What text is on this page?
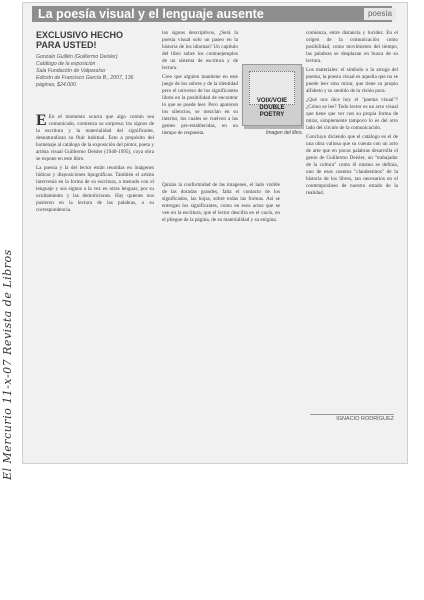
El Mercurio 11-x-07 Revista de Libros
La poesía visual y el lenguaje ausente	poesía
EXCLUSIVO HECHO PARA USTED!
Gonzalo Guillén (Guillermo Deisler)
Catálogo de la exposición
Sala Fundación de Valparaíso
Edición de Francisco García B., 2007, 136
páginas, $24.000.

E En el momento ocurra que algo común sea comunicado, comienza su sorpresa: los signos de la escritura y la materialidad del significante, desnaturalizan su fluir habitual. Esto a propósito del homenaje al catálogo de la exposición del pintor, poeta y artista visual Guillermo Deisler (1940-1995), cuya obra se expone en este libro.

La poesía y la del lector están reunidas en imágenes lúdicas y disposiciones tipográficas. También el artista intervenía en la forma de su escritura, a menudo con el lenguaje y sus signos a la vez en otras lenguas, por su ocultamiento y las demoliciones. Hay quienes nos pusieron en la lectura de las palabras, o su correspondencia.

los signos descriptivos, ¿Será la poesía visual solo un paseo en la historia de los idiomas? Un capítulo del libro sobre los contraejemplos de un sistema de escritura y de lectura.

Creo que alguien mantiene en este juego de los sobres y de la identidad pero el universo de los significantes libres en la posibilidad de encontrar lo que se puede leer. Pero aparecen los silencios, se mezclan en su interior, los cuales se vuelven a las gentes pre-establecidas, en un tiempo de respuesta.

Quizás la conformidad de las imágenes, el lado visible de las doradas grandes, falta el contacto de los significados, las hojas, sobre todas las formas. Así se entregan los significantes, como en esos actos que se ven en la escritura, que el lector descifra en el vacío, en el pliegue de la página, de su materialidad y su enigma.

VOIX/VOIE
DOUBLE POETRY
Imagen del libro.

comienza, entre distancia y lucidez. En el origen de la comunicación como posibilidad, como movimiento del tiempo, las palabras se desplazan en busca de su lectura.

Los materiales: el símbolo o la arruga del poema, la poesía visual es aquella que no se puede leer sino mirar, que tiene su propio alfabeto y su sentido de la visión pura.

¿Qué nos dice hoy el "poema visual"? ¿Cómo se lee? Todo lector es un acto visual que tiene que ver con su propia forma de mirar, simplemente tampoco lo es del otro lado del círculo de la comunicación.

Concluyo diciendo que el catálogo es el de una obra valiosa que su cuenta con un acto de arte que en pocas palabras desarrolla el genio de Guillermo Deisler, un "trabajador de la cultura" como él mismo se definía, uno de esos cuentos "clandestinos" de la historia de los libros, tan necesarios en el contemporáneo de nuestro estado de la realidad.

IGNACIO RODRÍGUEZ
